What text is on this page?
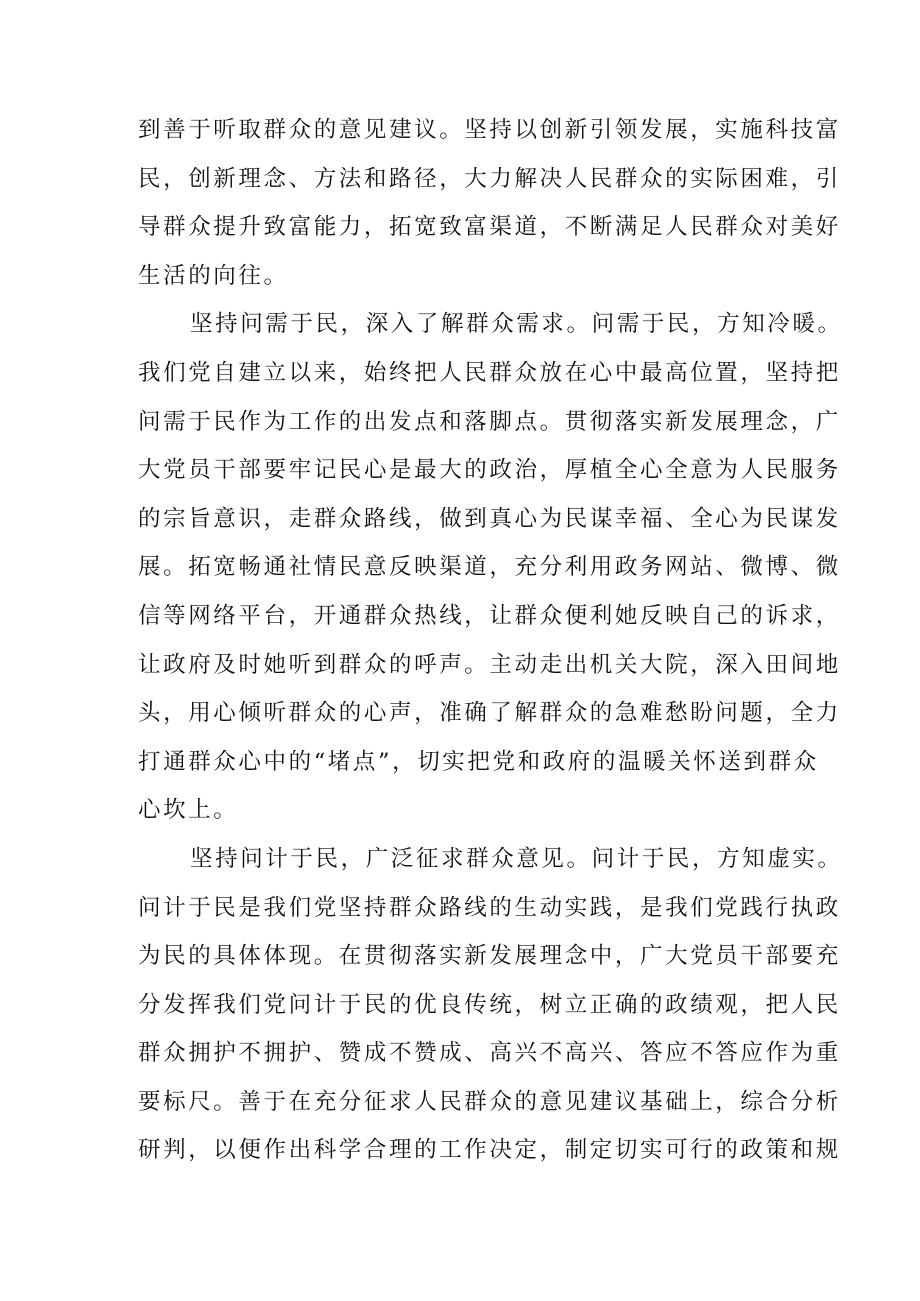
到善于听取群众的意见建议。坚持以创新引领发展，实施科技富
民，创新理念、方法和路径，大力解决人民群众的实际困难，引
导群众提升致富能力，拓宽致富渠道，不断满足人民群众对美好
生活的向往。
坚持问需于民，深入了解群众需求。问需于民，方知冷暖。
我们党自建立以来，始终把人民群众放在心中最高位置，坚持把
问需于民作为工作的出发点和落脚点。贯彻落实新发展理念，广
大党员干部要牢记民心是最大的政治，厚植全心全意为人民服务
的宗旨意识，走群众路线，做到真心为民谋幸福、全心为民谋发
展。拓宽畅通社情民意反映渠道，充分利用政务网站、微博、微
信等网络平台，开通群众热线，让群众便利她反映自己的诉求，
让政府及时她听到群众的呼声。主动走出机关大院，深入田间地
头，用心倾听群众的心声，准确了解群众的急难愁盼问题，全力
打通群众心中的“堵点”，切实把党和政府的温暖关怀送到群众
心坎上。
坚持问计于民，广泛征求群众意见。问计于民，方知虚实。
问计于民是我们党坚持群众路线的生动实践，是我们党践行执政
为民的具体体现。在贯彻落实新发展理念中，广大党员干部要充
分发挥我们党问计于民的优良传统，树立正确的政绩观，把人民
群众拥护不拥护、赞成不赞成、高兴不高兴、答应不答应作为重
要标尺。善于在充分征求人民群众的意见建议基础上，综合分析
研判，以便作出科学合理的工作决定，制定切实可行的政策和规
